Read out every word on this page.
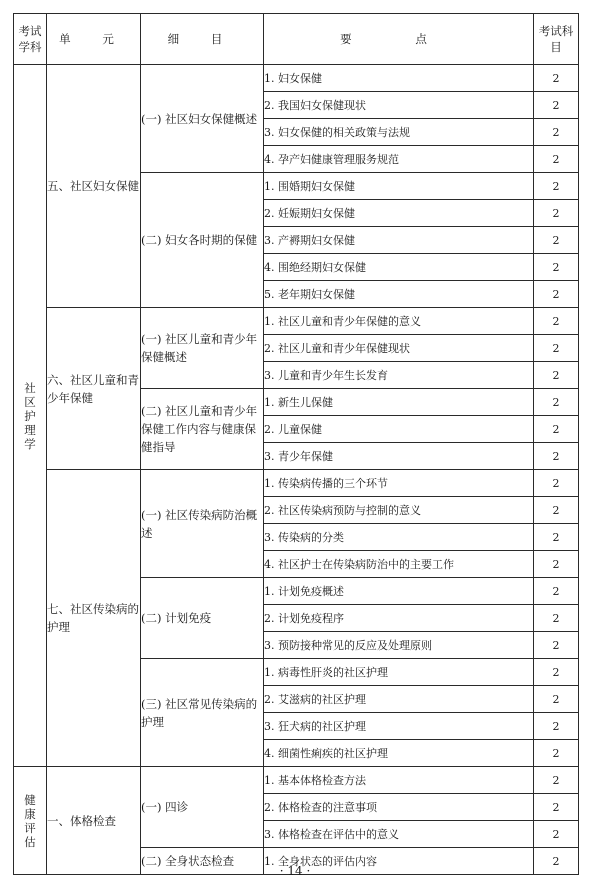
考试学科	单 元	细 目	要 点	考试科目

社区护理学	五、社区妇女保健	(一) 社区妇女保健概述	1. 妇女保健	2
			2. 我国妇女保健现状	2
			3. 妇女保健的相关政策与法规	2
			4. 孕产妇健康管理服务规范	2
		(二) 妇女各时期的保健	1. 围婚期妇女保健	2
			2. 妊娠期妇女保健	2
			3. 产褥期妇女保健	2
			4. 围绝经期妇女保健	2
			5. 老年期妇女保健	2
	六、社区儿童和青少年保健	(一) 社区儿童和青少年保健概述	1. 社区儿童和青少年保健的意义	2
			2. 社区儿童和青少年保健现状	2
			3. 儿童和青少年生长发育	2
		(二) 社区儿童和青少年保健工作内容与健康保健指导	1. 新生儿保健	2
			2. 儿童保健	2
			3. 青少年保健	2
	七、社区传染病的护理	(一) 社区传染病防治概述	1. 传染病传播的三个环节	2
			2. 社区传染病预防与控制的意义	2
			3. 传染病的分类	2
			4. 社区护士在传染病防治中的主要工作	2
		(二) 计划免疫	1. 计划免疫概述	2
			2. 计划免疫程序	2
			3. 预防接种常见的反应及处理原则	2
		(三) 社区常见传染病的护理	1. 病毒性肝炎的社区护理	2
			2. 艾滋病的社区护理	2
			3. 狂犬病的社区护理	2
			4. 细菌性痢疾的社区护理	2

健康评估	一、体格检查	(一) 四诊	1. 基本体格检查方法	2
			2. 体格检查的注意事项	2
			3. 体格检查在评估中的意义	2
		(二) 全身状态检查	1. 全身状态的评估内容	2
· 14 ·
